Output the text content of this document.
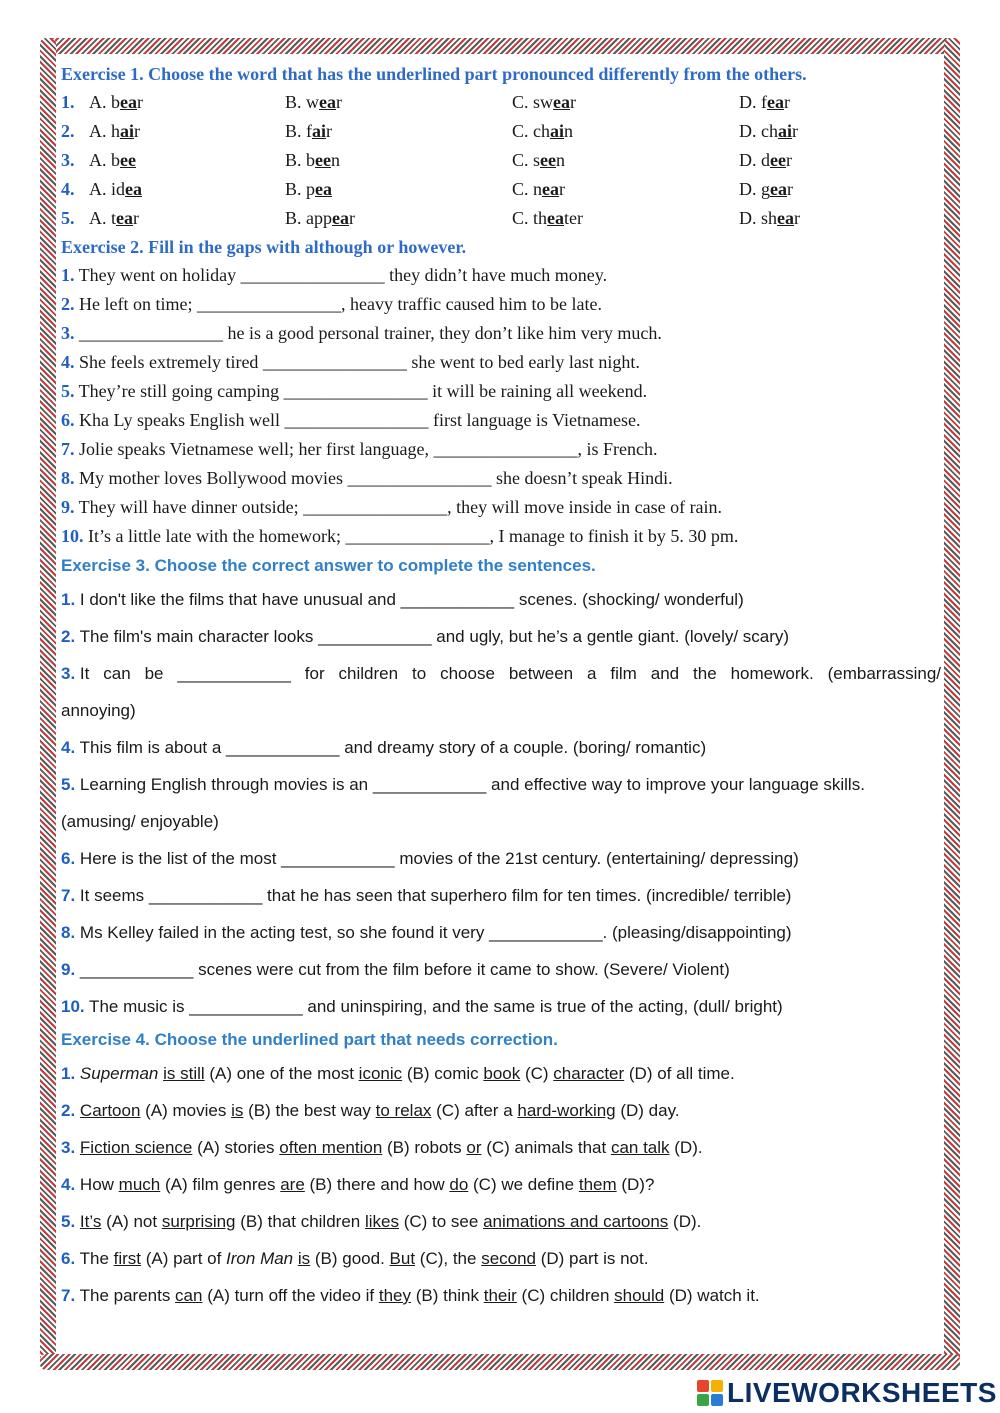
Exercise 1. Choose the word that has the underlined part pronounced differently from the others.
1. A. bear	B. wear	C. swear	D. fear
2. A. hair	B. fair	C. chain	D. chair
3. A. bee	B. been	C. seen	D. deer
4. A. idea	B. pea	C. near	D. gear
5. A. tear	B. appear	C. theater	D. shear
Exercise 2. Fill in the gaps with although or however.
1. They went on holiday ________________ they didn’t have much money.
2. He left on time; ________________, heavy traffic caused him to be late.
3. ________________ he is a good personal trainer, they don’t like him very much.
4. She feels extremely tired ________________ she went to bed early last night.
5. They’re still going camping ________________ it will be raining all weekend.
6. Kha Ly speaks English well ________________ first language is Vietnamese.
7. Jolie speaks Vietnamese well; her first language, ________________, is French.
8. My mother loves Bollywood movies ________________ she doesn’t speak Hindi.
9. They will have dinner outside; ________________, they will move inside in case of rain.
10. It’s a little late with the homework; ________________, I manage to finish it by 5. 30 pm.
Exercise 3. Choose the correct answer to complete the sentences.
1. I don't like the films that have unusual and ____________ scenes. (shocking/ wonderful)
2. The film's main character looks ____________ and ugly, but he’s a gentle giant. (lovely/ scary)
3. It can be ____________ for children to choose between a film and the homework. (embarrassing/
annoying)
4. This film is about a ____________ and dreamy story of a couple. (boring/ romantic)
5. Learning English through movies is an ____________ and effective way to improve your language skills.
(amusing/ enjoyable)
6. Here is the list of the most ____________ movies of the 21st century. (entertaining/ depressing)
7. It seems ____________ that he has seen that superhero film for ten times. (incredible/ terrible)
8. Ms Kelley failed in the acting test, so she found it very ____________. (pleasing/disappointing)
9. ____________ scenes were cut from the film before it came to show. (Severe/ Violent)
10. The music is ____________ and uninspiring, and the same is true of the acting, (dull/ bright)
Exercise 4. Choose the underlined part that needs correction.
1. Superman is still (A) one of the most iconic (B) comic book (C) character (D) of all time.
2. Cartoon (A) movies is (B) the best way to relax (C) after a hard-working (D) day.
3. Fiction science (A) stories often mention (B) robots or (C) animals that can talk (D).
4. How much (A) film genres are (B) there and how do (C) we define them (D)?
5. It’s (A) not surprising (B) that children likes (C) to see animations and cartoons (D).
6. The first (A) part of Iron Man is (B) good. But (C), the second (D) part is not.
7. The parents can (A) turn off the video if they (B) think their (C) children should (D) watch it.
LIVEWORKSHEETS
